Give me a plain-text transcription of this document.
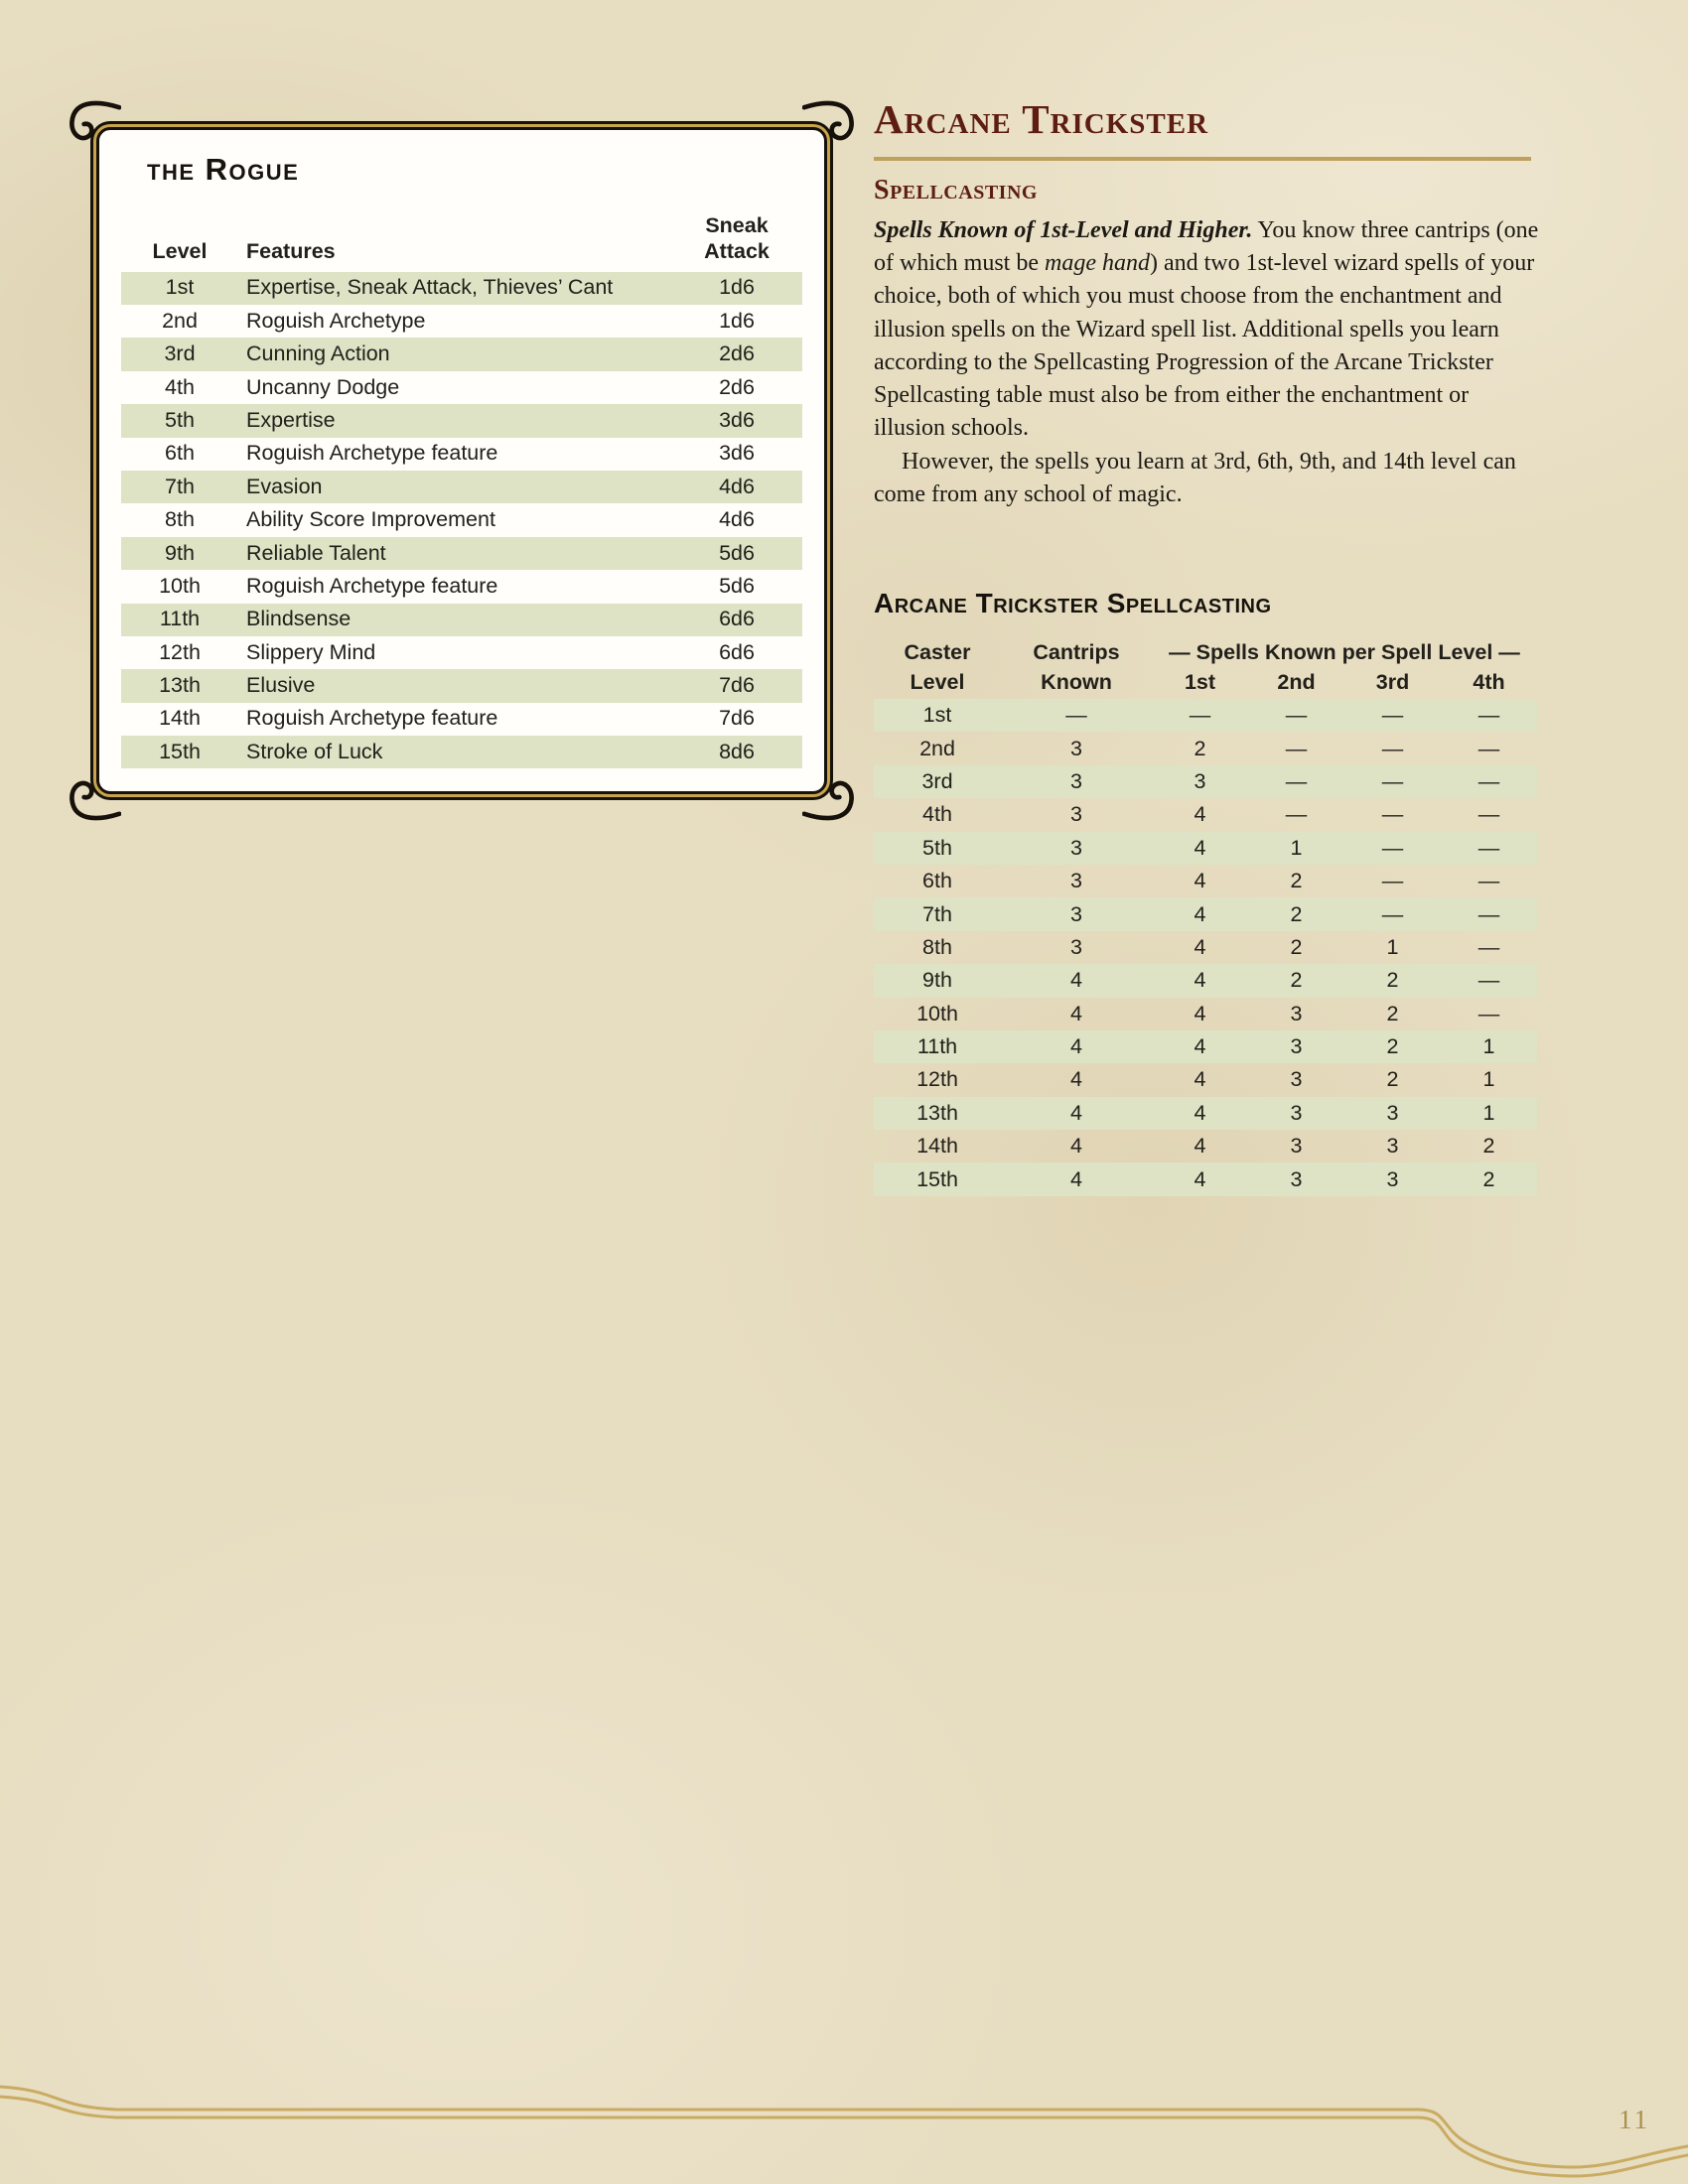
the Rogue
Level	Features	Sneak
Attack
1st	Expertise, Sneak Attack, Thieves’ Cant	1d6
2nd	Roguish Archetype	1d6
3rd	Cunning Action	2d6
4th	Uncanny Dodge	2d6
5th	Expertise	3d6
6th	Roguish Archetype feature	3d6
7th	Evasion	4d6
8th	Ability Score Improvement	4d6
9th	Reliable Talent	5d6
10th	Roguish Archetype feature	5d6
11th	Blindsense	6d6
12th	Slippery Mind	6d6
13th	Elusive	7d6
14th	Roguish Archetype feature	7d6
15th	Stroke of Luck	8d6
Arcane Trickster
Spellcasting

Spells Known of 1st-Level and Higher. You know three cantrips (one of which must be mage hand) and two 1st-level wizard spells of your choice, both of which you must choose from the enchantment and illusion spells on the Wizard spell list. Additional spells you learn according to the Spellcasting Progression of the Arcane Trickster Spellcasting table must also be from either the enchantment or illusion schools.

However, the spells you learn at 3rd, 6th, 9th, and 14th level can come from any school of magic.

Arcane Trickster Spellcasting
Caster	Cantrips	— Spells Known per Spell Level —			
Level	Known	1st	2nd	3rd	4th
1st	—	—	—	—	—
2nd	3	2	—	—	—
3rd	3	3	—	—	—
4th	3	4	—	—	—
5th	3	4	1	—	—
6th	3	4	2	—	—
7th	3	4	2	—	—
8th	3	4	2	1	—
9th	4	4	2	2	—
10th	4	4	3	2	—
11th	4	4	3	2	1
12th	4	4	3	2	1
13th	4	4	3	3	1
14th	4	4	3	3	2
15th	4	4	3	3	2
11
